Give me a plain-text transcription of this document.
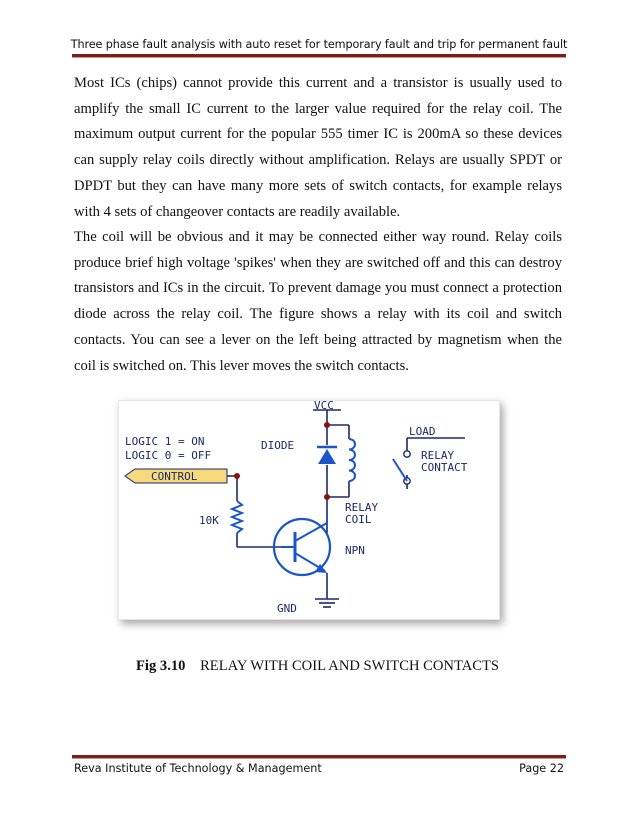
Three phase fault analysis with auto reset for temporary fault and trip for permanent fault
Most ICs (chips) cannot provide this current and a transistor is usually used to
amplify the small IC current to the larger value required for the relay coil. The
maximum output current for the popular 555 timer IC is 200mA so these devices
can supply relay coils directly without amplification. Relays are usually SPDT or
DPDT but they can have many more sets of switch contacts, for example relays
with 4 sets of changeover contacts are readily available.
The coil will be obvious and it may be connected either way round. Relay coils
produce brief high voltage 'spikes' when they are switched off and this can destroy
transistors and ICs in the circuit. To prevent damage you must connect a protection
diode across the relay coil. The figure shows a relay with its coil and switch
contacts. You can see a lever on the left being attracted by magnetism when the
coil is switched on. This lever moves the switch contacts.
VCC
LOAD
LOGIC 1 = ON
LOGIC 0 = OFF
DIODE
RELAY
CONTACT
CONTROL
10K
RELAY
COIL
NPN
GND
Fig 3.10 RELAY WITH COIL AND SWITCH CONTACTS
Reva Institute of Technology & Management	Page 22
